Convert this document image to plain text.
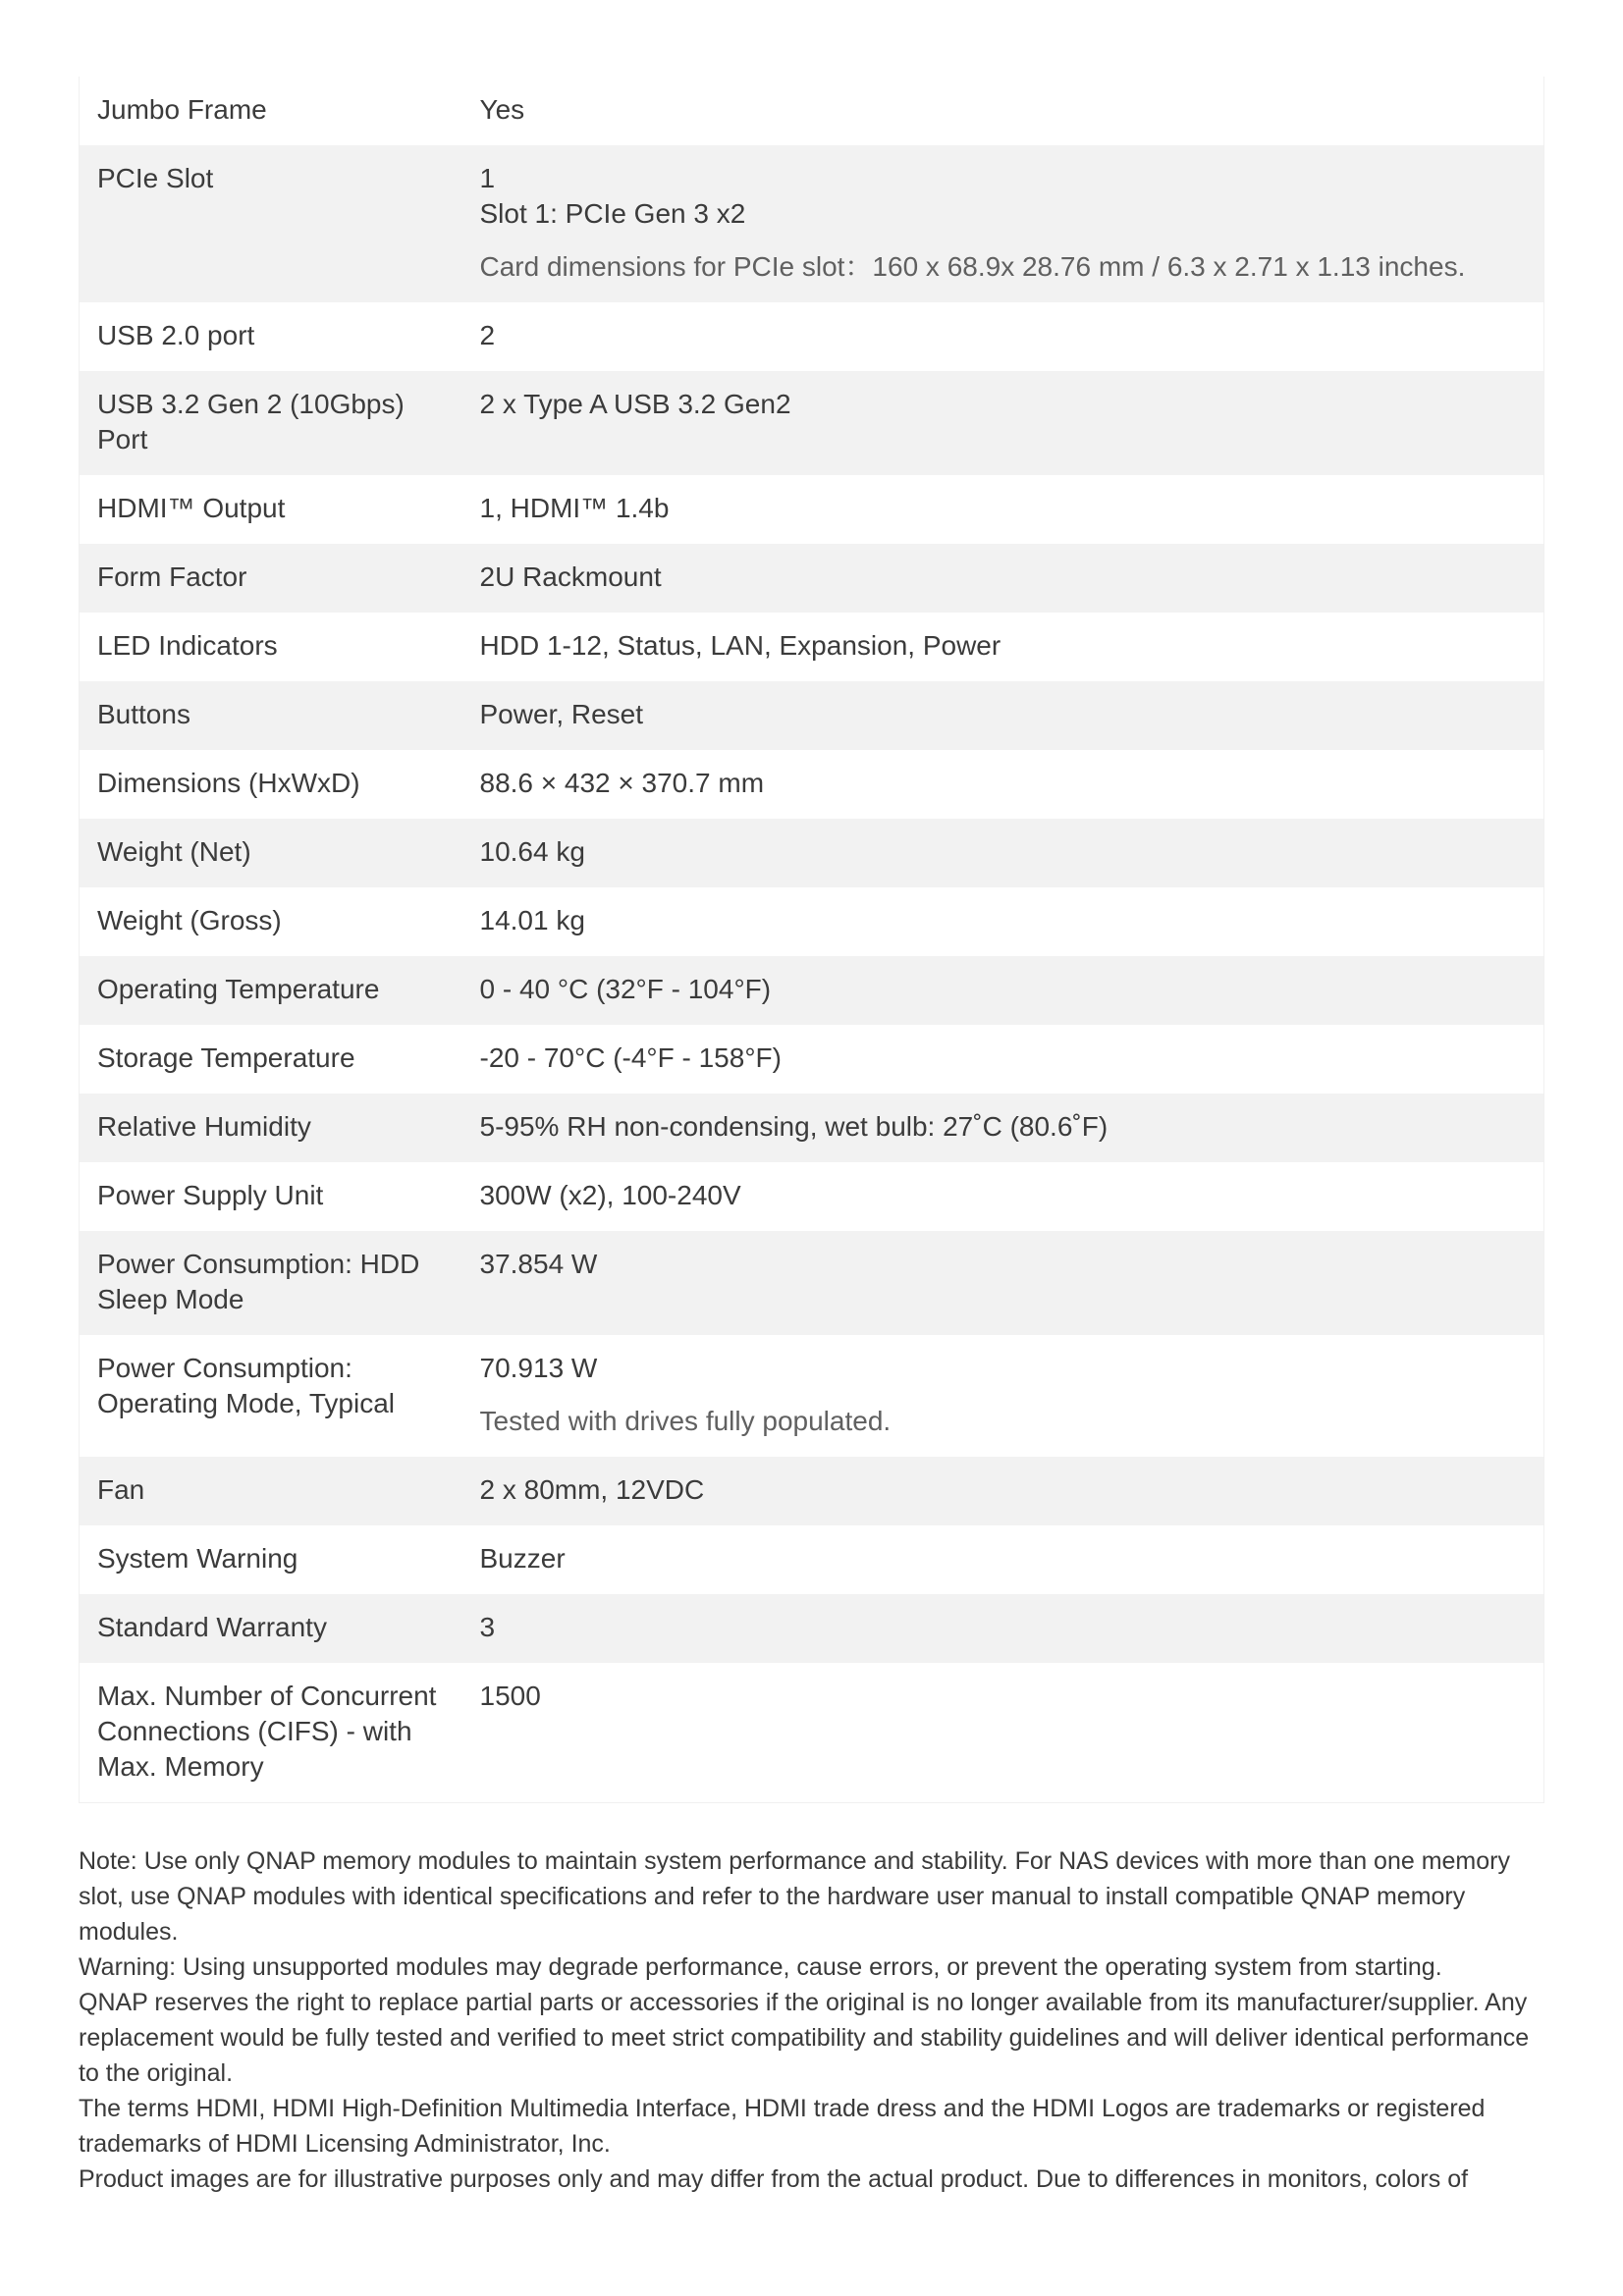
Jumbo Frame	Yes

PCIe Slot	1
Slot 1: PCIe Gen 3 x2
Card dimensions for PCIe slot：160 x 68.9x 28.76 mm / 6.3 x 2.71 x 1.13 inches.

USB 2.0 port	2

USB 3.2 Gen 2 (10Gbps) Port	2 x Type A USB 3.2 Gen2

HDMI™ Output	1, HDMI™ 1.4b

Form Factor	2U Rackmount

LED Indicators	HDD 1-12, Status, LAN, Expansion, Power

Buttons	Power, Reset

Dimensions (HxWxD)	88.6 × 432 × 370.7 mm

Weight (Net)	10.64 kg

Weight (Gross)	14.01 kg

Operating Temperature	0 - 40 °C (32°F - 104°F)

Storage Temperature	-20 - 70°C (-4°F - 158°F)

Relative Humidity	5-95% RH non-condensing, wet bulb: 27˚C (80.6˚F)

Power Supply Unit	300W (x2), 100-240V

Power Consumption: HDD Sleep Mode	37.854 W

Power Consumption: Operating Mode, Typical	70.913 W
Tested with drives fully populated.

Fan	2 x 80mm, 12VDC

System Warning	Buzzer

Standard Warranty	3

Max. Number of Concurrent Connections (CIFS) - with Max. Memory	1500

Note: Use only QNAP memory modules to maintain system performance and stability. For NAS devices with more than one memory slot, use QNAP modules with identical specifications and refer to the hardware user manual to install compatible QNAP memory modules.

Warning: Using unsupported modules may degrade performance, cause errors, or prevent the operating system from starting.

QNAP reserves the right to replace partial parts or accessories if the original is no longer available from its manufacturer/supplier. Any replacement would be fully tested and verified to meet strict compatibility and stability guidelines and will deliver identical performance to the original.

The terms HDMI, HDMI High-Definition Multimedia Interface, HDMI trade dress and the HDMI Logos are trademarks or registered trademarks of HDMI Licensing Administrator, Inc.

Product images are for illustrative purposes only and may differ from the actual product. Due to differences in monitors, colors of
